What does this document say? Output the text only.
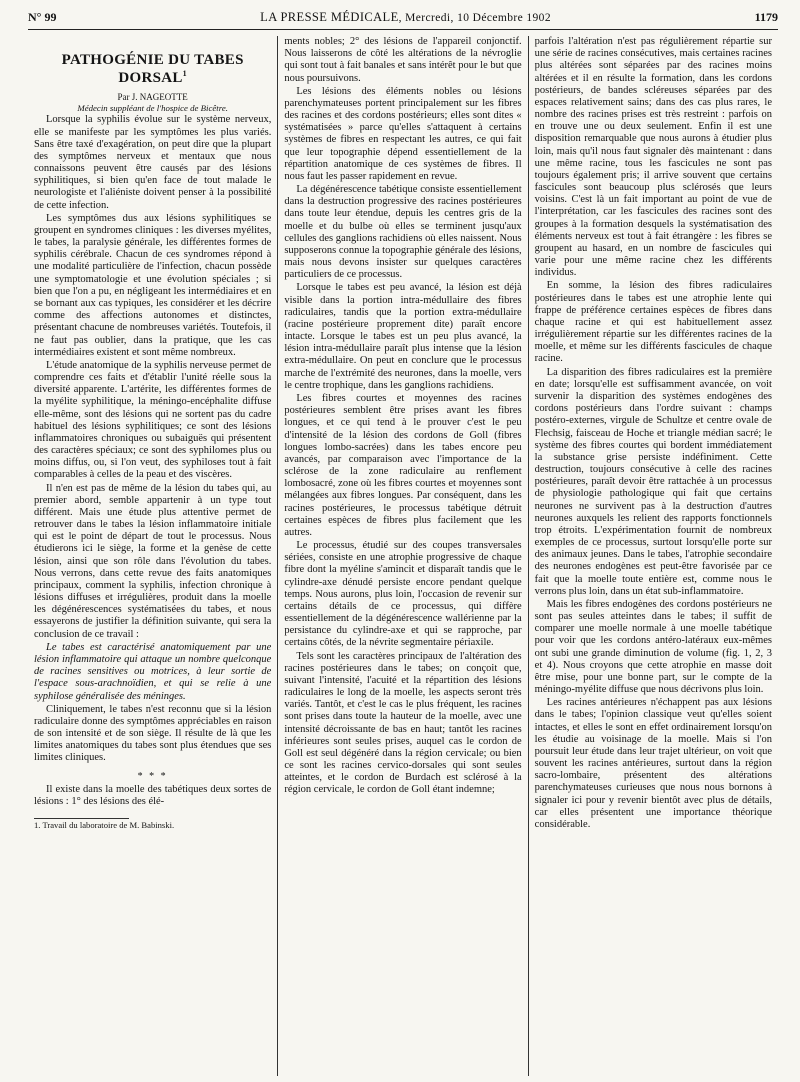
N° 99	LA PRESSE MÉDICALE, Mercredi, 10 Décembre 1902	1179
PATHOGÉNIE DU TABES DORSAL$^1$

Par J. NAGEOTTE

Médecin suppléant de l'hospice de Bicêtre.

Lorsque la syphilis évolue sur le système nerveux, elle se manifeste par les symptômes les plus variés. Sans être taxé d'exagération, on peut dire que la plupart des symptômes nerveux et mentaux que nous connaissons peuvent être causés par des lésions syphilitiques, si bien qu'en face de tout malade le neurologiste et l'aliéniste doivent penser à la possibilité de cette infection.

Les symptômes dus aux lésions syphilitiques se groupent en syndromes cliniques : les diverses myélites, le tabes, la paralysie générale, les différentes formes de syphilis cérébrale. Chacun de ces syndromes répond à une modalité particulière de l'infection, chacun possède une symptomatologie et une évolution spéciales ; si bien que l'on a pu, en négligeant les intermédiaires et en se bornant aux cas typiques, les considérer et les décrire comme des affections autonomes et distinctes, présentant chacune de nombreuses variétés. Toutefois, il ne faut pas oublier, dans la pratique, que les cas intermédiaires existent et sont même nombreux.

L'étude anatomique de la syphilis nerveuse permet de comprendre ces faits et d'établir l'unité réelle sous la diversité apparente. L'artérite, les différentes formes de la myélite syphilitique, la méningo-encéphalite diffuse elle-même, sont des lésions qui ne sortent pas du cadre habituel des lésions syphilitiques; ce sont des lésions inflammatoires chroniques ou subaiguës qui présentent des caractères spéciaux; ce sont des syphilomes plus ou moins diffus, ou, si l'on veut, des syphiloses tout à fait comparables à celles de la peau et des viscères.

Il n'en est pas de même de la lésion du tabes qui, au premier abord, semble appartenir à un type tout différent. Mais une étude plus attentive permet de retrouver dans le tabes la lésion inflammatoire initiale qui est le point de départ de tout le processus. Nous étudierons ici le siège, la forme et la genèse de cette lésion, ainsi que son rôle dans l'évolution du tabes. Nous verrons, dans cette revue des faits anatomiques principaux, comment la syphilis, infection chronique à lésions diffuses et irrégulières, produit dans la moelle les dégénérescences systématisées du tabes, et nous essayerons de justifier la définition suivante, qui sera la conclusion de ce travail :

Le tabes est caractérisé anatomiquement par une lésion inflammatoire qui attaque un nombre quelconque de racines sensitives ou motrices, à leur sortie de l'espace sous-arachnoïdien, et qui se relie à une syphilose généralisée des méninges.

Cliniquement, le tabes n'est reconnu que si la lésion radiculaire donne des symptômes appréciables en raison de son intensité et de son siège. Il résulte de là que les limites anatomiques du tabes sont plus étendues que ses limites cliniques.

* * *

Il existe dans la moelle des tabétiques deux sortes de lésions : 1° des lésions des élé-

1. Travail du laboratoire de M. Babinski.

ments nobles; 2° des lésions de l'appareil conjonctif. Nous laisserons de côté les altérations de la névroglie qui sont tout à fait banales et sans intérêt pour le but que nous poursuivons.

Les lésions des éléments nobles ou lésions parenchymateuses portent principalement sur les fibres des racines et des cordons postérieurs; elles sont dites « systématisées » parce qu'elles s'attaquent à certains systèmes de fibres en respectant les autres, ce qui fait que leur topographie dépend essentiellement de la répartition anatomique de ces systèmes de fibres. Il nous faut les passer rapidement en revue.

La dégénérescence tabétique consiste essentiellement dans la destruction progressive des racines postérieures dans toute leur étendue, depuis les centres gris de la moelle et du bulbe où elles se terminent jusqu'aux cellules des ganglions rachidiens où elles naissent. Nous supposerons connue la topographie générale des lésions, mais nous devons insister sur quelques caractères particuliers de ce processus.

Lorsque le tabes est peu avancé, la lésion est déjà visible dans la portion intra-médullaire des fibres radiculaires, tandis que la portion extra-médullaire (racine postérieure proprement dite) paraît encore intacte. Lorsque le tabes est un peu plus avancé, la lésion intra-médullaire paraît plus intense que la lésion extra-médullaire. On peut en conclure que le processus marche de l'extrémité des neurones, dans la moelle, vers le centre trophique, dans les ganglions rachidiens.

Les fibres courtes et moyennes des racines postérieures semblent être prises avant les fibres longues, et ce qui tend à le prouver c'est le peu d'intensité de la lésion des cordons de Goll (fibres longues lombo-sacrées) dans les tabes encore peu avancés, par comparaison avec l'importance de la sclérose de la zone radiculaire au renflement lombosacré, zone où les fibres courtes et moyennes sont mélangées aux fibres longues. Par conséquent, dans les racines postérieures, le processus tabétique détruit certaines espèces de fibres plus facilement que les autres.

Le processus, étudié sur des coupes transversales sériées, consiste en une atrophie progressive de chaque fibre dont la myéline s'amincit et disparaît tandis que le cylindre-axe dénudé persiste encore pendant quelque temps. Nous aurons, plus loin, l'occasion de revenir sur certains détails de ce processus, qui diffère essentiellement de la dégénérescence wallérienne par la persistance du cylindre-axe et qui se rapproche, par certains côtés, de la névrite segmentaire périaxile.

Tels sont les caractères principaux de l'altération des racines postérieures dans le tabes; on conçoit que, suivant l'intensité, l'acuité et la répartition des lésions radiculaires le long de la moelle, les aspects seront très variés. Tantôt, et c'est le cas le plus fréquent, les racines sont prises dans toute la hauteur de la moelle, avec une intensité décroissante de bas en haut; tantôt les racines inférieures sont seules prises, auquel cas le cordon de Goll est seul dégénéré dans la région cervicale; ou bien ce sont les racines cervico-dorsales qui sont seules atteintes, et le cordon de Burdach est sclérosé à la région cervicale, le cordon de Goll étant indemne;

parfois l'altération n'est pas régulièrement répartie sur une série de racines consécutives, mais certaines racines plus altérées sont séparées par des racines moins altérées et il en résulte la formation, dans les cordons postérieurs, de bandes scléreuses séparées par des espaces relativement sains; dans des cas plus rares, le nombre des racines prises est très restreint : parfois on en trouve une ou deux seulement. Enfin il est une disposition remarquable que nous aurons à étudier plus loin, mais qu'il nous faut signaler dès maintenant : dans une même racine, tous les fascicules ne sont pas toujours également pris; il arrive souvent que certains fascicules sont beaucoup plus sclérosés que leurs voisins. C'est là un fait important au point de vue de l'interprétation, car les fascicules des racines sont des groupes à la formation desquels la systématisation des éléments nerveux est tout à fait étrangère : les fibres se groupent au hasard, en un nombre de fascicules qui varie pour une même racine chez les différents individus.

En somme, la lésion des fibres radiculaires postérieures dans le tabes est une atrophie lente qui frappe de préférence certaines espèces de fibres dans chaque racine et qui est habituellement assez irrégulièrement répartie sur les différentes racines de la moelle, et même sur les différents fascicules de chaque racine.

La disparition des fibres radiculaires est la première en date; lorsqu'elle est suffisamment avancée, on voit survenir la disparition des systèmes endogènes des cordons postérieurs dans l'ordre suivant : champs postéro-externes, virgule de Schultze et centre ovale de Flechsig, faisceau de Hoche et triangle médian sacré; le système des fibres courtes qui bordent immédiatement la substance grise persiste indéfiniment. Cette destruction, toujours consécutive à celle des racines postérieures, paraît devoir être rattachée à un processus de physiologie pathologique qui fait que certains neurones ne survivent pas à la destruction d'autres neurones auxquels les relient des rapports fonctionnels trop étroits. L'expérimentation fournit de nombreux exemples de ce processus, surtout lorsqu'elle porte sur des animaux jeunes. Dans le tabes, l'atrophie secondaire des neurones endogènes est peut-être favorisée par ce fait que la moelle toute entière est, comme nous le verrons plus loin, dans un état sub-inflammatoire.

Mais les fibres endogènes des cordons postérieurs ne sont pas seules atteintes dans le tabes; il suffit de comparer une moelle normale à une moelle tabétique pour voir que les cordons antéro-latéraux eux-mêmes ont subi une grande diminution de volume (fig. 1, 2, 3 et 4). Nous croyons que cette atrophie en masse doit être mise, pour une bonne part, sur le compte de la méningo-myélite diffuse que nous décrivons plus loin.

Les racines antérieures n'échappent pas aux lésions dans le tabes; l'opinion classique veut qu'elles soient intactes, et elles le sont en effet ordinairement lorsqu'on les étudie au voisinage de la moelle. Mais si l'on poursuit leur étude dans leur trajet ultérieur, on voit que souvent les racines antérieures, surtout dans la région sacro-lombaire, présentent des altérations parenchymateuses curieuses que nous nous bornons à signaler ici pour y revenir bientôt avec plus de détails, car elles présentent une importance théorique considérable.
